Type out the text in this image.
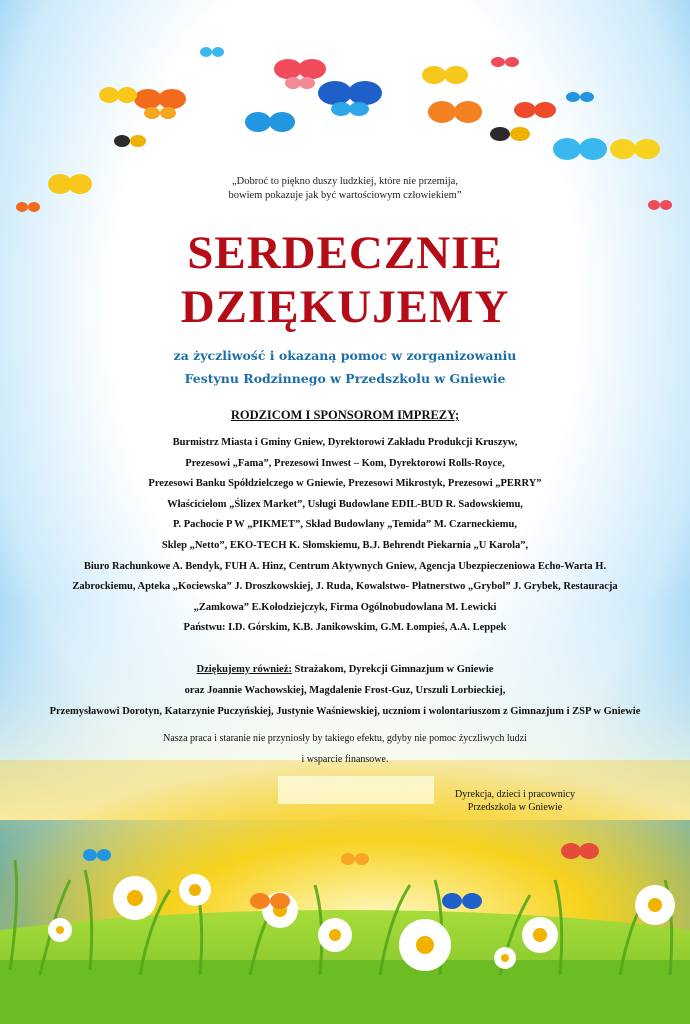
„Dobroć to piękno duszy ludzkiej, które nie przemija,
bowiem pokazuje jak być wartościowym człowiekiem”
SERDECZNIE
DZIĘKUJEMY
za życzliwość i okazaną pomoc w zorganizowaniu
Festynu Rodzinnego w Przedszkolu w Gniewie
RODZICOM I SPONSOROM IMPREZY;
Burmistrz Miasta i Gminy Gniew, Dyrektorowi Zakładu Produkcji Kruszyw,
Prezesowi „Fama”, Prezesowi Inwest – Kom, Dyrektorowi Rolls-Royce,
Prezesowi Banku Spółdzielczego w Gniewie, Prezesowi Mikrostyk, Prezesowi „PERRY”
Właścicielom „Ślizex Market”, Usługi Budowlane EDIL-BUD R. Sadowskiemu,
P. Pachocie P W „PIKMET”, Skład Budowlany „Temida” M. Czarneckiemu,
Sklep „Netto”, EKO-TECH K. Słomskiemu, B.J. Behrendt Piekarnia „U Karola”,
Biuro Rachunkowe A. Bendyk, FUH A. Hinz, Centrum Aktywnych Gniew, Agencja Ubezpieczeniowa Echo-Warta H.
Zabrockiemu, Apteka „Kociewska” J. Droszkowskiej, J. Ruda, Kowalstwo- Płatnerstwo „Grybol” J. Grybek, Restauracja
„Zamkowa” E.Kołodziejczyk, Firma Ogólnobudowlana M. Lewicki
Państwu: I.D. Górskim, K.B. Janikowskim, G.M. Łompieś, A.A. Leppek
Dziękujemy również: Strażakom, Dyrekcji Gimnazjum w Gniewie
oraz Joannie Wachowskiej, Magdalenie Frost-Guz, Urszuli Lorbieckiej,
Przemysławowi Dorotyn, Katarzynie Puczyńskiej, Justynie Waśniewskiej, uczniom i wolontariuszom z Gimnazjum i ZSP w Gniewie
Nasza praca i staranie nie przyniosły by takiego efektu, gdyby nie pomoc życzliwych ludzi
i wsparcie finansowe.
Dyrekcja, dzieci i pracownicy
Przedszkola w Gniewie
